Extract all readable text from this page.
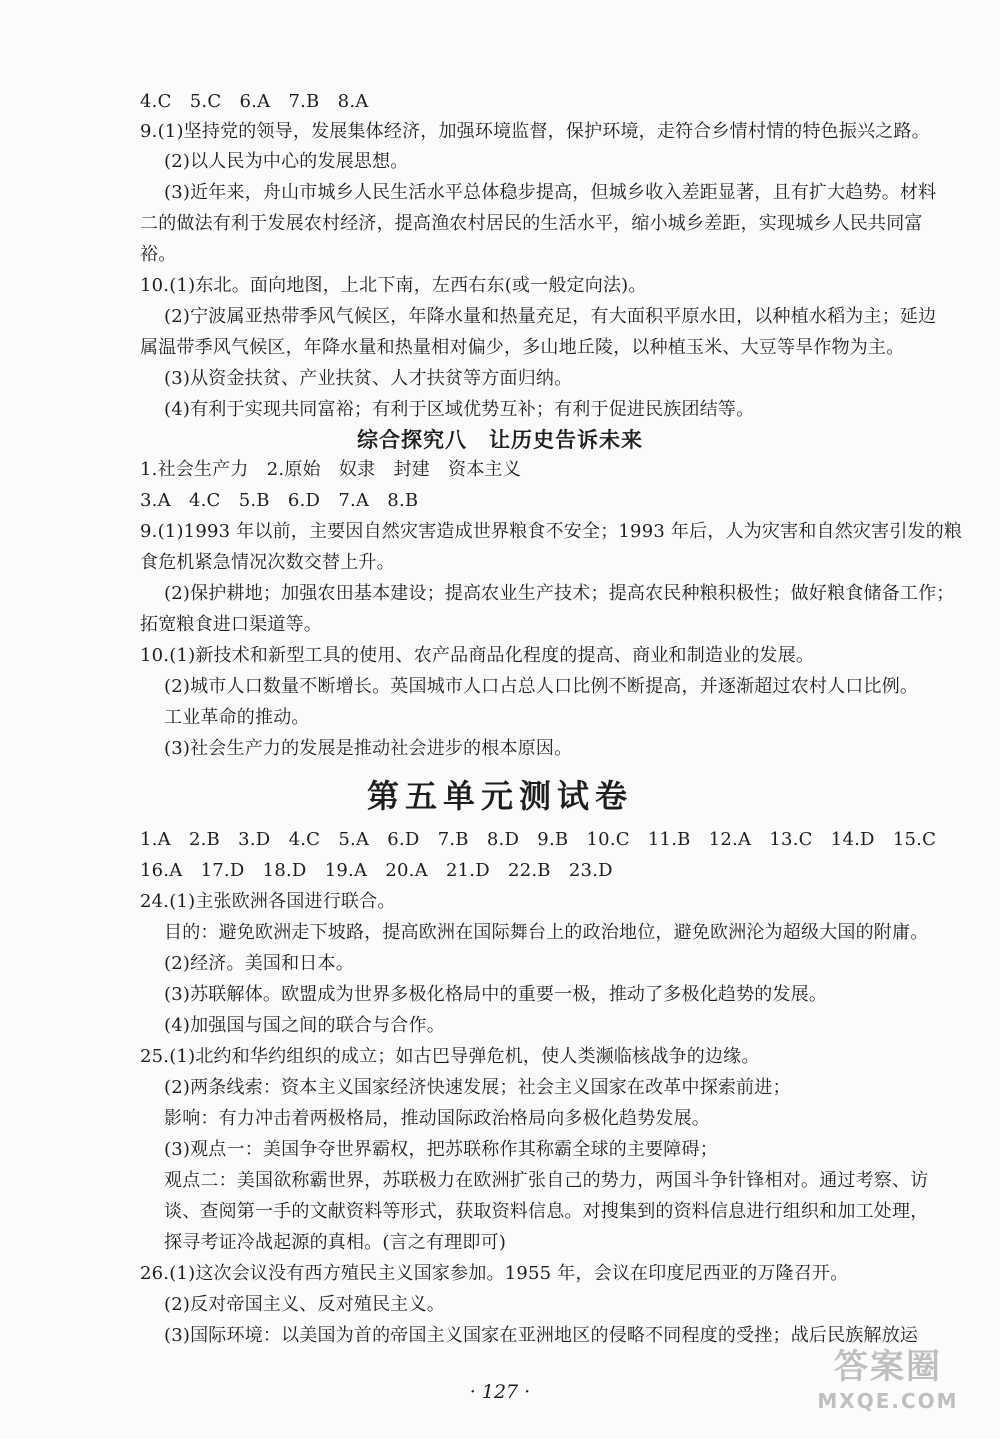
4.C　5.C　6.A　7.B　8.A
9.(1)坚持党的领导，发展集体经济，加强环境监督，保护环境，走符合乡情村情的特色振兴之路。
(2)以人民为中心的发展思想。
(3)近年来，舟山市城乡人民生活水平总体稳步提高，但城乡收入差距显著，且有扩大趋势。材料
二的做法有利于发展农村经济，提高渔农村居民的生活水平，缩小城乡差距，实现城乡人民共同富
裕。
10.(1)东北。面向地图，上北下南，左西右东(或一般定向法)。
(2)宁波属亚热带季风气候区，年降水量和热量充足，有大面积平原水田，以种植水稻为主；延边
属温带季风气候区，年降水量和热量相对偏少，多山地丘陵，以种植玉米、大豆等旱作物为主。
(3)从资金扶贫、产业扶贫、人才扶贫等方面归纳。
(4)有利于实现共同富裕；有利于区域优势互补；有利于促进民族团结等。
综合探究八　让历史告诉未来
1.社会生产力　2.原始　奴隶　封建　资本主义
3.A　4.C　5.B　6.D　7.A　8.B
9.(1)1993 年以前，主要因自然灾害造成世界粮食不安全；1993 年后，人为灾害和自然灾害引发的粮
食危机紧急情况次数交替上升。
(2)保护耕地；加强农田基本建设；提高农业生产技术；提高农民种粮积极性；做好粮食储备工作；
拓宽粮食进口渠道等。
10.(1)新技术和新型工具的使用、农产品商品化程度的提高、商业和制造业的发展。
(2)城市人口数量不断增长。英国城市人口占总人口比例不断提高，并逐渐超过农村人口比例。
工业革命的推动。
(3)社会生产力的发展是推动社会进步的根本原因。
第五单元测试卷
1.A　2.B　3.D　4.C　5.A　6.D　7.B　8.D　9.B　10.C　11.B　12.A　13.C　14.D　15.C
16.A　17.D　18.D　19.A　20.A　21.D　22.B　23.D
24.(1)主张欧洲各国进行联合。
目的：避免欧洲走下坡路，提高欧洲在国际舞台上的政治地位，避免欧洲沦为超级大国的附庸。
(2)经济。美国和日本。
(3)苏联解体。欧盟成为世界多极化格局中的重要一极，推动了多极化趋势的发展。
(4)加强国与国之间的联合与合作。
25.(1)北约和华约组织的成立；如古巴导弹危机，使人类濒临核战争的边缘。
(2)两条线索：资本主义国家经济快速发展；社会主义国家在改革中探索前进；
影响：有力冲击着两极格局，推动国际政治格局向多极化趋势发展。
(3)观点一：美国争夺世界霸权，把苏联称作其称霸全球的主要障碍；
观点二：美国欲称霸世界，苏联极力在欧洲扩张自己的势力，两国斗争针锋相对。通过考察、访
谈、查阅第一手的文献资料等形式，获取资料信息。对搜集到的资料信息进行组织和加工处理，
探寻考证冷战起源的真相。(言之有理即可)
26.(1)这次会议没有西方殖民主义国家参加。1955 年，会议在印度尼西亚的万隆召开。
(2)反对帝国主义、反对殖民主义。
(3)国际环境：以美国为首的帝国主义国家在亚洲地区的侵略不同程度的受挫；战后民族解放运
· 127 ·
答案圈
MXQE.COM
